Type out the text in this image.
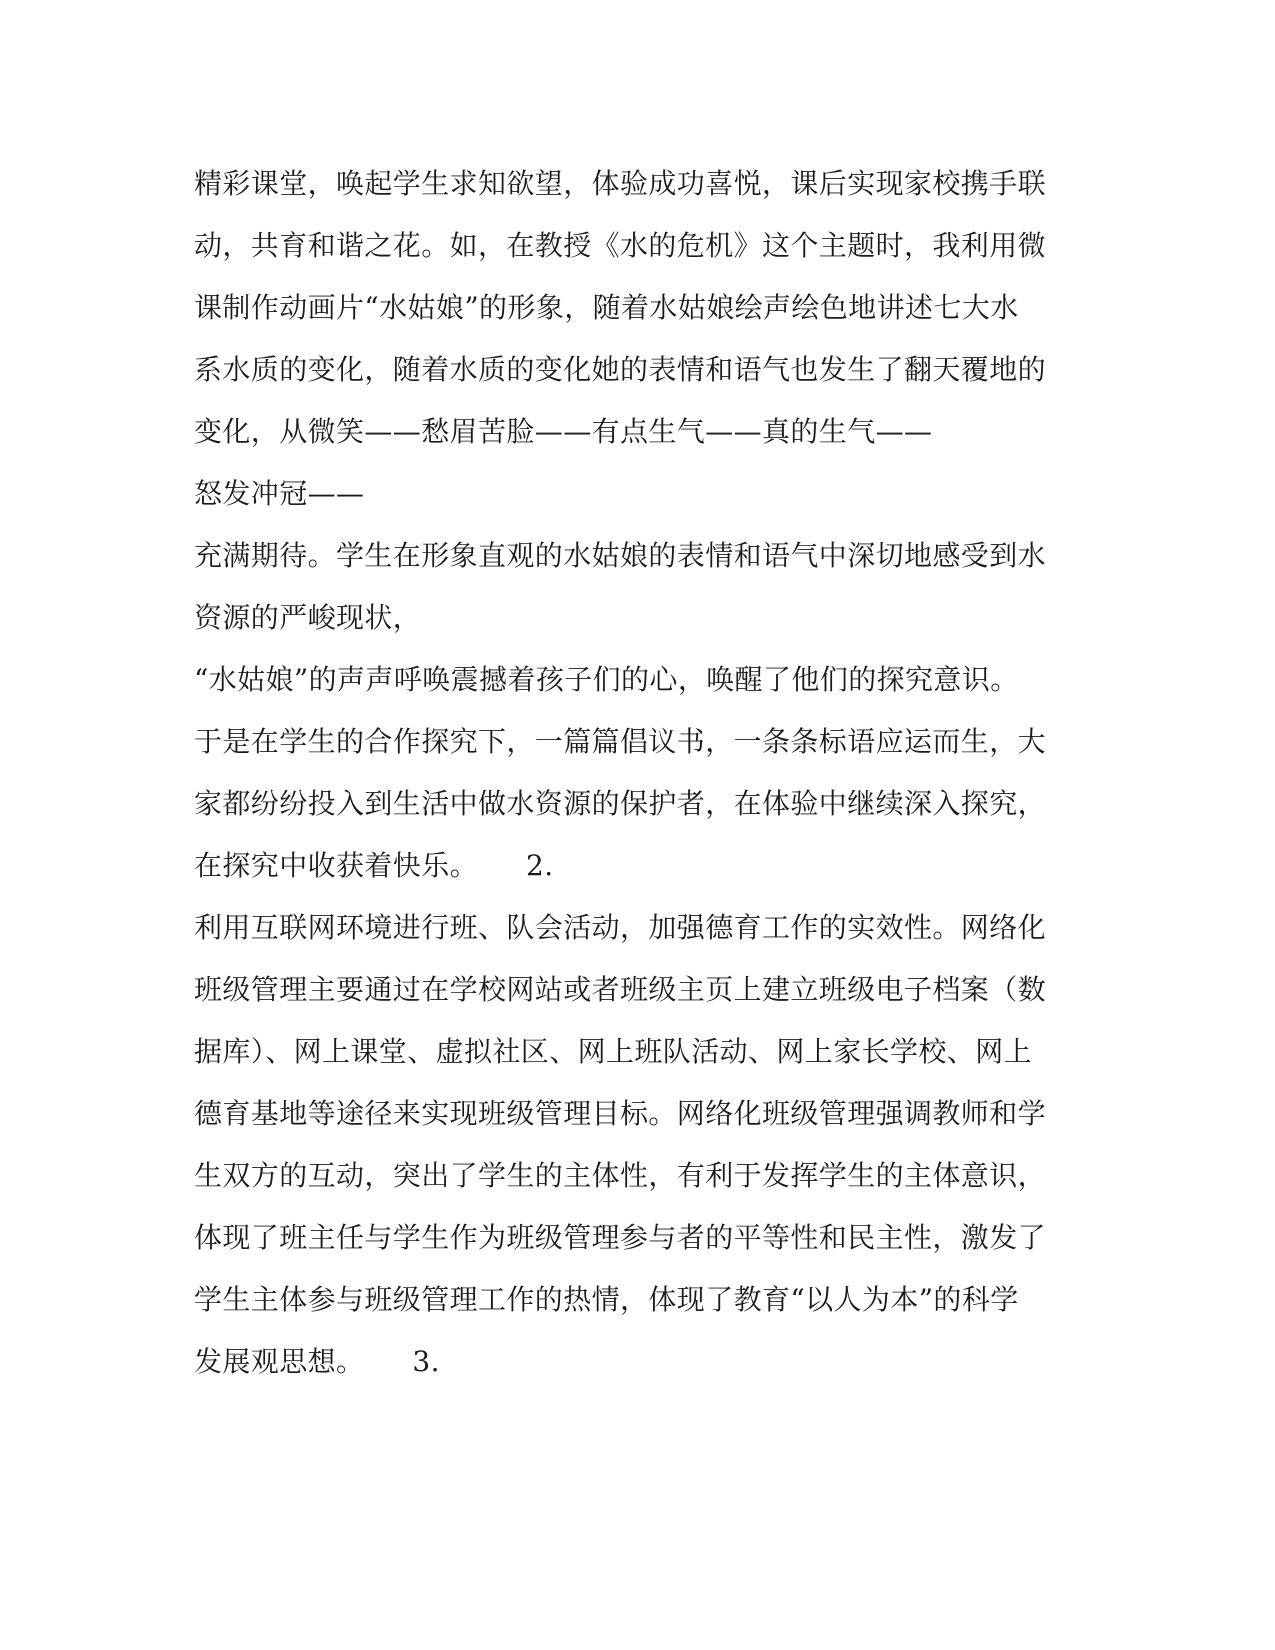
精彩课堂，唤起学生求知欲望，体验成功喜悦，课后实现家校携手联
动，共育和谐之花。如，在教授《水的危机》这个主题时，我利用微
课制作动画片“水姑娘”的形象，随着水姑娘绘声绘色地讲述七大水
系水质的变化，随着水质的变化她的表情和语气也发生了翻天覆地的
变化，从微笑——愁眉苦脸——有点生气——真的生气——
怒发冲冠——
充满期待。学生在形象直观的水姑娘的表情和语气中深切地感受到水
资源的严峻现状，
“水姑娘”的声声呼唤震撼着孩子们的心，唤醒了他们的探究意识。
于是在学生的合作探究下，一篇篇倡议书，一条条标语应运而生，大
家都纷纷投入到生活中做水资源的保护者，在体验中继续深入探究，
在探究中收获着快乐。 2.
利用互联网环境进行班、队会活动，加强德育工作的实效性。网络化
班级管理主要通过在学校网站或者班级主页上建立班级电子档案（数
据库）、网上课堂、虚拟社区、网上班队活动、网上家长学校、网上
德育基地等途径来实现班级管理目标。网络化班级管理强调教师和学
生双方的互动，突出了学生的主体性，有利于发挥学生的主体意识，
体现了班主任与学生作为班级管理参与者的平等性和民主性，激发了
学生主体参与班级管理工作的热情，体现了教育“以人为本”的科学
发展观思想。 3.
